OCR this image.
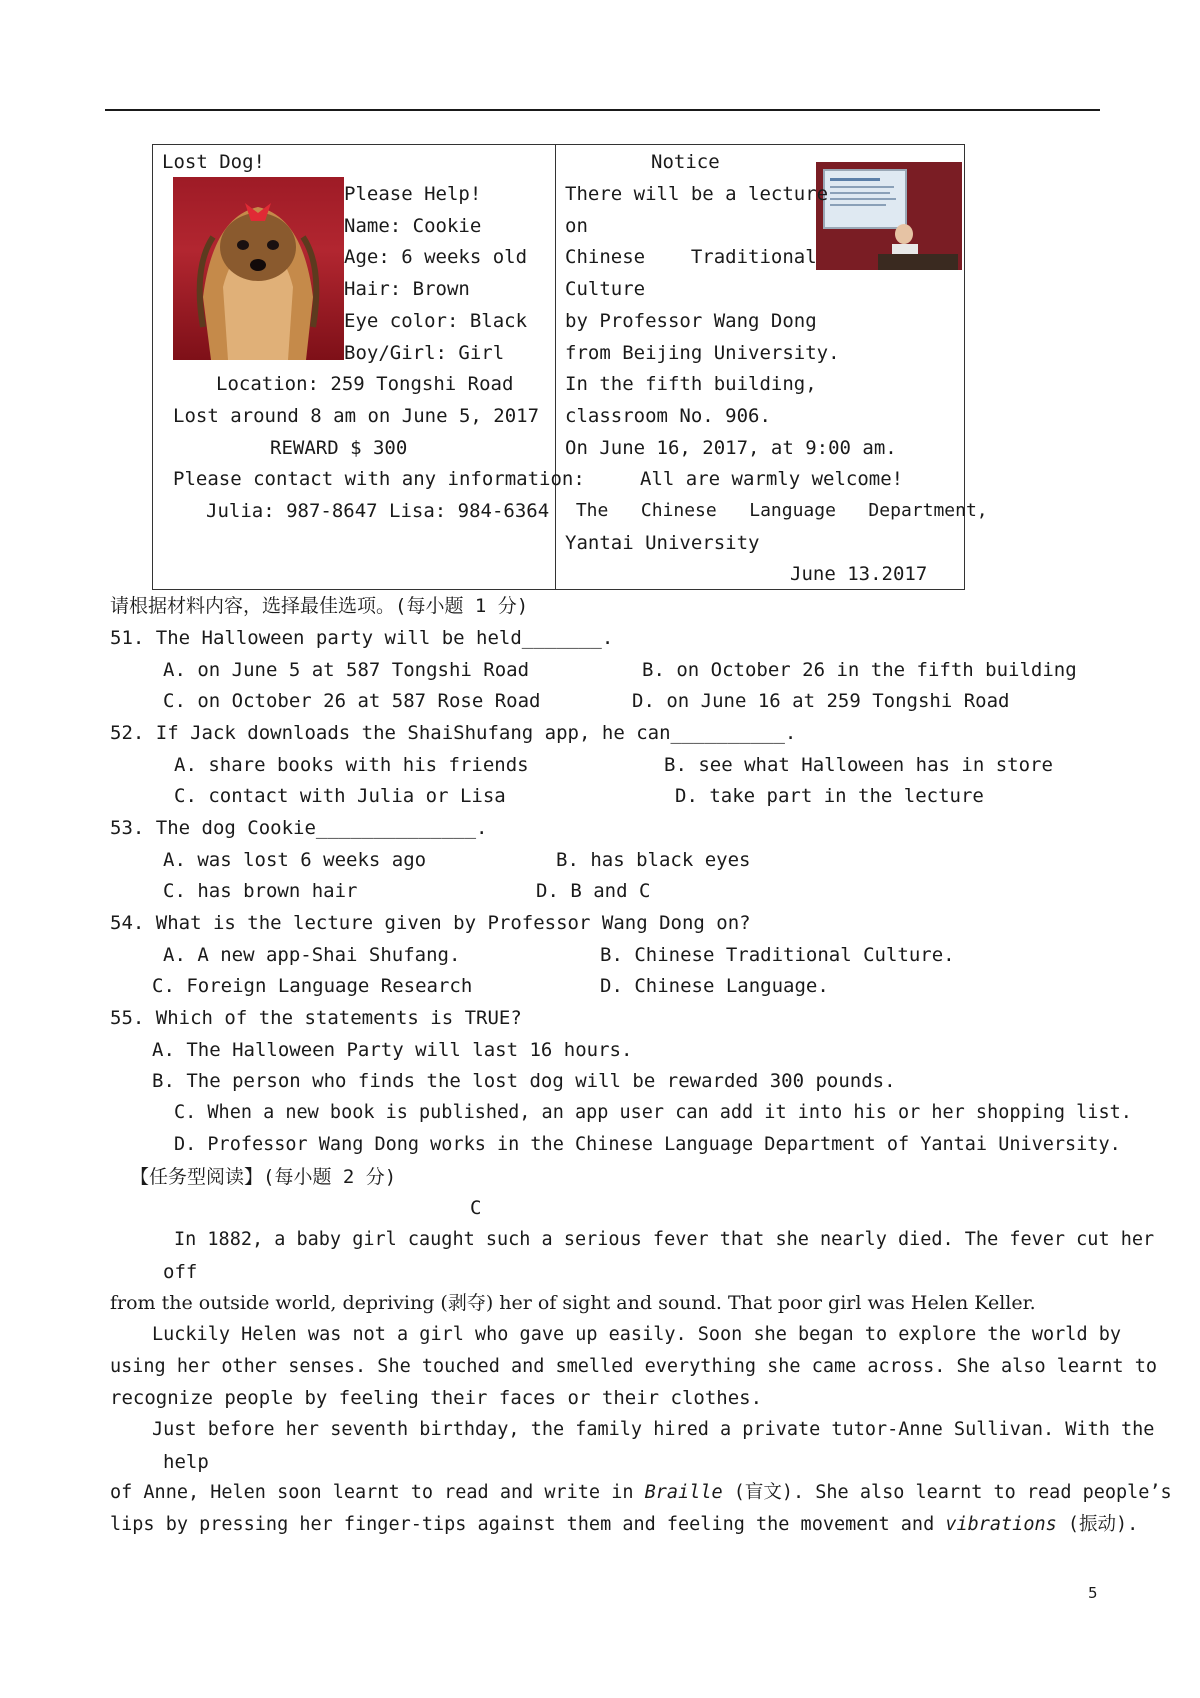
Lost Dog!
Please Help!
Name: Cookie
Age: 6 weeks old
Hair: Brown
Eye color: Black
Boy/Girl: Girl
Location: 259 Tongshi Road
Lost around 8 am on June 5, 2017
REWARD $ 300
Please contact with any information:
Julia: 987-8647 Lisa: 984-6364
Notice
There will be a lecture
on
Chinese    Traditional
Culture
by Professor Wang Dong
from Beijing University.
In the fifth building,
classroom No. 906.
On June 16, 2017, at 9:00 am.
All are warmly welcome!
The   Chinese   Language   Department,
Yantai University
June 13.2017
请根据材料内容，选择最佳选项。(每小题 1 分)
51. The Halloween party will be held_______.
A. on June 5 at 587 Tongshi Road	B. on October 26 in the fifth building
C. on October 26 at 587 Rose Road	D. on June 16 at 259 Tongshi Road
52. If Jack downloads the ShaiShufang app, he can__________.
A. share books with his friends	B. see what Halloween has in store
C. contact with Julia or Lisa	D. take part in the lecture
53. The dog Cookie______________.
A. was lost 6 weeks ago	B. has black eyes
C. has brown hair	D. B and C
54. What is the lecture given by Professor Wang Dong on?
A. A new app-Shai Shufang.	B. Chinese Traditional Culture.
C. Foreign Language Research	D. Chinese Language.
55. Which of the statements is TRUE?
A. The Halloween Party will last 16 hours.
B. The person who finds the lost dog will be rewarded 300 pounds.
C. When a new book is published, an app user can add it into his or her shopping list.
D. Professor Wang Dong works in the Chinese Language Department of Yantai University.
【任务型阅读】(每小题 2 分)
C
In 1882, a baby girl caught such a serious fever that she nearly died. The fever cut her
off
from the outside world, depriving (剥夺) her of sight and sound. That poor girl was Helen Keller.
Luckily Helen was not a girl who gave up easily. Soon she began to explore the world by
using her other senses. She touched and smelled everything she came across. She also learnt to
recognize people by feeling their faces or their clothes.
Just before her seventh birthday, the family hired a private tutor-Anne Sullivan. With the
help
of Anne, Helen soon learnt to read and write in Braille (盲文). She also learnt to read people’s
lips by pressing her finger-tips against them and feeling the movement and vibrations (振动).
5
